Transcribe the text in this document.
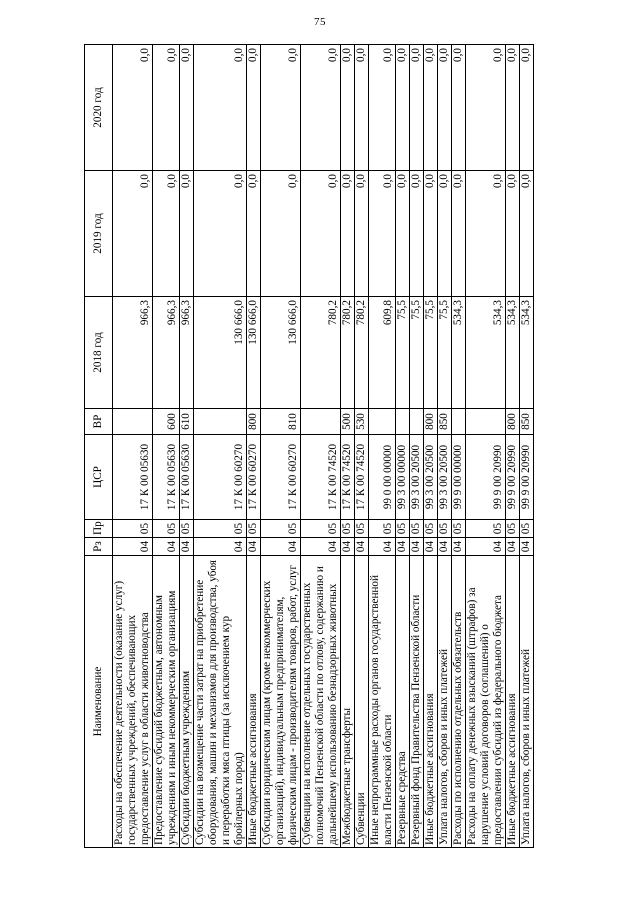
75
Наименование	Рз	Пр	ЦСР	ВР	2018 год	2019 год	2020 год
Расходы на обеспечение деятельности (оказание услуг) государственных учреждений, обеспечивающих предоставление услуг в области животноводства	04	05	17 К 00 05630		966,3	0,0	0,0
Предоставление субсидий бюджетным, автономным учреждениям и иным некоммерческим организациям	04	05	17 К 00 05630	600	966,3	0,0	0,0
Субсидии бюджетным учреждениям	04	05	17 К 00 05630	610	966,3	0,0	0,0
Субсидии на возмещение части затрат на приобретение оборудования, машин и механизмов для производства, убоя и переработки мяса птицы (за исключением кур бройлерных пород)	04	05	17 К 00 60270		130 666,0	0,0	0,0
Иные бюджетные ассигнования	04	05	17 К 00 60270	800	130 666,0	0,0	0,0
Субсидии юридическим лицам (кроме некоммерческих организаций), индивидуальным предпринимателям, физическим лицам - производителям товаров, работ, услуг	04	05	17 К 00 60270	810	130 666,0	0,0	0,0
Субвенции на исполнение отдельных государственных полномочий Пензенской области по отлову, содержанию и дальнейшему использованию безнадзорных животных	04	05	17 К 00 74520		780,2	0,0	0,0
Межбюджетные трансферты	04	05	17 К 00 74520	500	780,2	0,0	0,0
Субвенции	04	05	17 К 00 74520	530	780,2	0,0	0,0
Иные непрограммные расходы органов государственной власти Пензенской области	04	05	99 0 00 00000		609,8	0,0	0,0
Резервные средства	04	05	99 3 00 00000		75,5	0,0	0,0
Резервный фонд Правительства Пензенской области	04	05	99 3 00 20500		75,5	0,0	0,0
Иные бюджетные ассигнования	04	05	99 3 00 20500	800	75,5	0,0	0,0
Уплата налогов, сборов и иных платежей	04	05	99 3 00 20500	850	75,5	0,0	0,0
Расходы по исполнению отдельных обязательств	04	05	99 9 00 00000		534,3	0,0	0,0
Расходы на оплату денежных взысканий (штрафов) за нарушение условий договоров (соглашений) о предоставлении субсидий из федерального бюджета	04	05	99 9 00 20990		534,3	0,0	0,0
Иные бюджетные ассигнования	04	05	99 9 00 20990	800	534,3	0,0	0,0
Уплата налогов, сборов и иных платежей	04	05	99 9 00 20990	850	534,3	0,0	0,0
